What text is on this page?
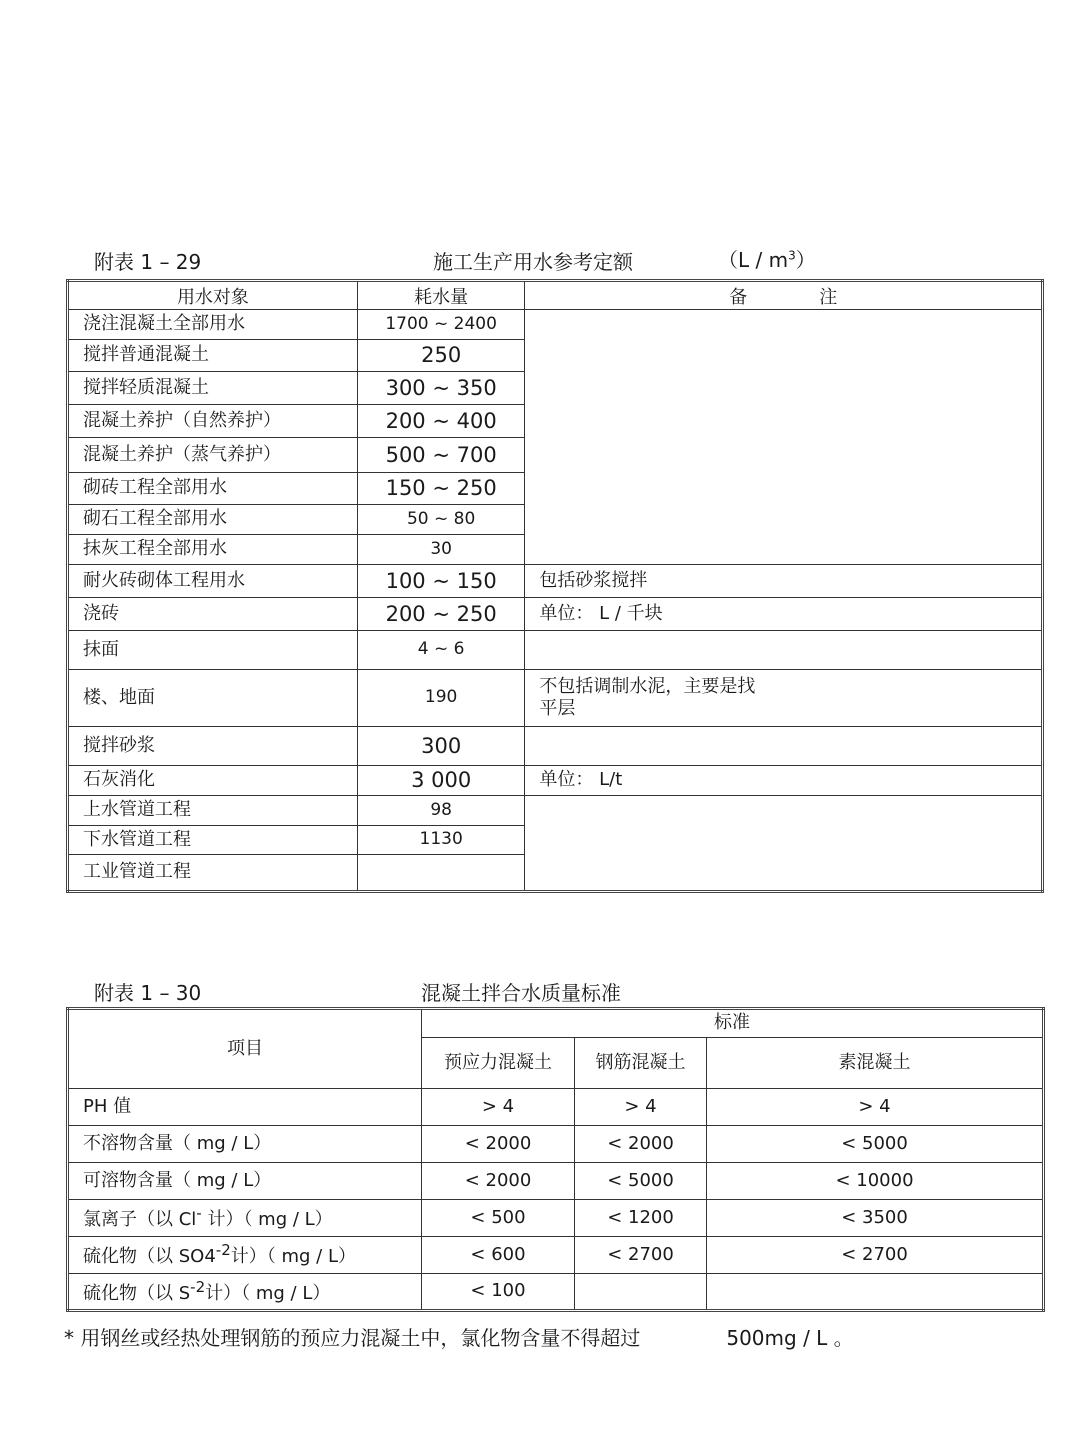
附表 1 – 29	施工生产用水参考定额	$(L / m^3)$
用水对象	耗水量	备 注
浇注混凝土全部用水	1700 ~ 2400	
搅拌普通混凝土	250	
搅拌轻质混凝土	300 ~ 350	
混凝土养护（自然养护）	200 ~ 400	
混凝土养护（蒸气养护）	500 ~ 700	
砌砖工程全部用水	150 ~ 250	
砌石工程全部用水	50 ~ 80	
抹灰工程全部用水	30	
耐火砖砌体工程用水	100 ~ 150	包括砂浆搅拌
浇砖	200 ~ 250	单位： L / 千块
抹面	4 ~ 6	
楼、地面	190	不包括调制水泥，主要是找
平层

搅拌砂浆	300	
石灰消化	3 000	单位： L/t
上水管道工程	98	
下水管道工程	1130	
工业管道工程		
附表 1 – 30	混凝土拌合水质量标准
项目	标准		
	预应力混凝土	钢筋混凝土	素混凝土
PH 值	> 4	> 4	> 4
不溶物含量（ mg / L）	< 2000	< 2000	< 5000
可溶物含量（ mg / L）	< 2000	< 5000	< 10000
氯离子（以 Cl- 计）（ mg / L）	< 500	< 1200	< 3500
硫化物（以 $SO4^{-2}$计）（ mg / L）	< 600	< 2700	< 2700
硫化物（以 $S^{-2}$计）（ mg / L）	< 100		
* 用钢丝或经热处理钢筋的预应力混凝土中，氯化物含量不得超过	500mg / L 。
